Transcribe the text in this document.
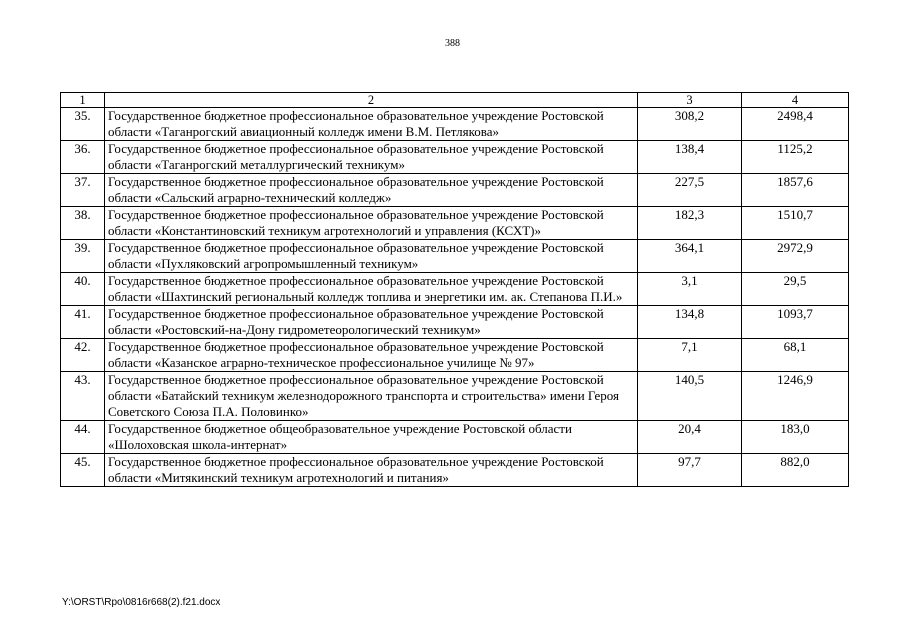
388
1	2	3	4
35.	Государственное бюджетное профессиональное образовательное учреждение Ростовской области «Таганрогский авиационный колледж имени В.М. Петлякова»	308,2	2498,4
36.	Государственное бюджетное профессиональное образовательное учреждение Ростовской области «Таганрогский металлургический техникум»	138,4	1125,2
37.	Государственное бюджетное профессиональное образовательное учреждение Ростовской области «Сальский аграрно-технический колледж»	227,5	1857,6
38.	Государственное бюджетное профессиональное образовательное учреждение Ростовской области «Константиновский техникум агротехнологий и управления (КСХТ)»	182,3	1510,7
39.	Государственное бюджетное профессиональное образовательное учреждение Ростовской области «Пухляковский агропромышленный техникум»	364,1	2972,9
40.	Государственное бюджетное профессиональное образовательное учреждение Ростовской области «Шахтинский региональный колледж топлива и энергетики им. ак. Степанова П.И.»	3,1	29,5
41.	Государственное бюджетное профессиональное образовательное учреждение Ростовской области «Ростовский-на-Дону гидрометеорологический техникум»	134,8	1093,7
42.	Государственное бюджетное профессиональное образовательное учреждение Ростовской области «Казанское аграрно-техническое профессиональное училище № 97»	7,1	68,1
43.	Государственное бюджетное профессиональное образовательное учреждение Ростовской области «Батайский техникум железнодорожного транспорта и строительства» имени Героя Советского Союза П.А. Половинко»	140,5	1246,9
44.	Государственное бюджетное общеобразовательное учреждение Ростовской области «Шолоховская школа-интернат»	20,4	183,0
45.	Государственное бюджетное профессиональное образовательное учреждение Ростовской области «Митякинский техникум агротехнологий и питания»	97,7	882,0
Y:\ORST\Rpo\0816r668(2).f21.docx
